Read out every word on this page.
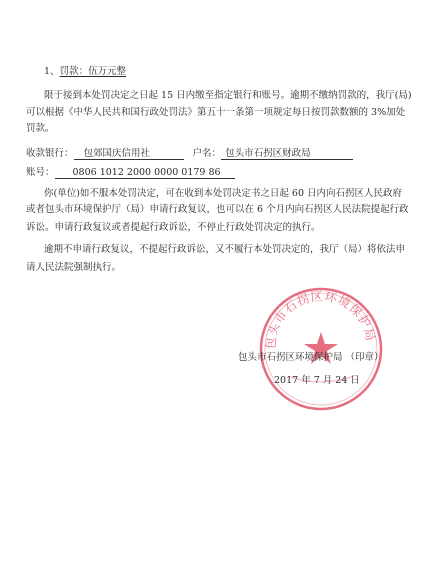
1、罚款：伍万元整
限于接到本处罚决定之日起 15 日内缴至指定银行和账号。逾期不缴纳罚款的，我厅(局)
可以根据《中华人民共和国行政处罚法》第五十一条第一项规定每日按罚款数额的 3%加处
罚款。
收款银行： 包郊国庆信用社	户名： 包头市石拐区财政局
账号： 0806 1012 2000 0000 0179 86
你(单位)如不服本处罚决定，可在收到本处罚决定书之日起 60 日内向石拐区人民政府
或者包头市环境保护厅（局）申请行政复议，也可以在 6 个月内向石拐区人民法院提起行政
诉讼。申请行政复议或者提起行政诉讼，不停止行政处罚决定的执行。
逾期不申请行政复议，不提起行政诉讼，又不履行本处罚决定的，我厅（局）将依法申
请人民法院强制执行。
包头市石拐区环境保护局
包头市石拐区环境保护局 （印章）
2017 年 7 月 24 日
